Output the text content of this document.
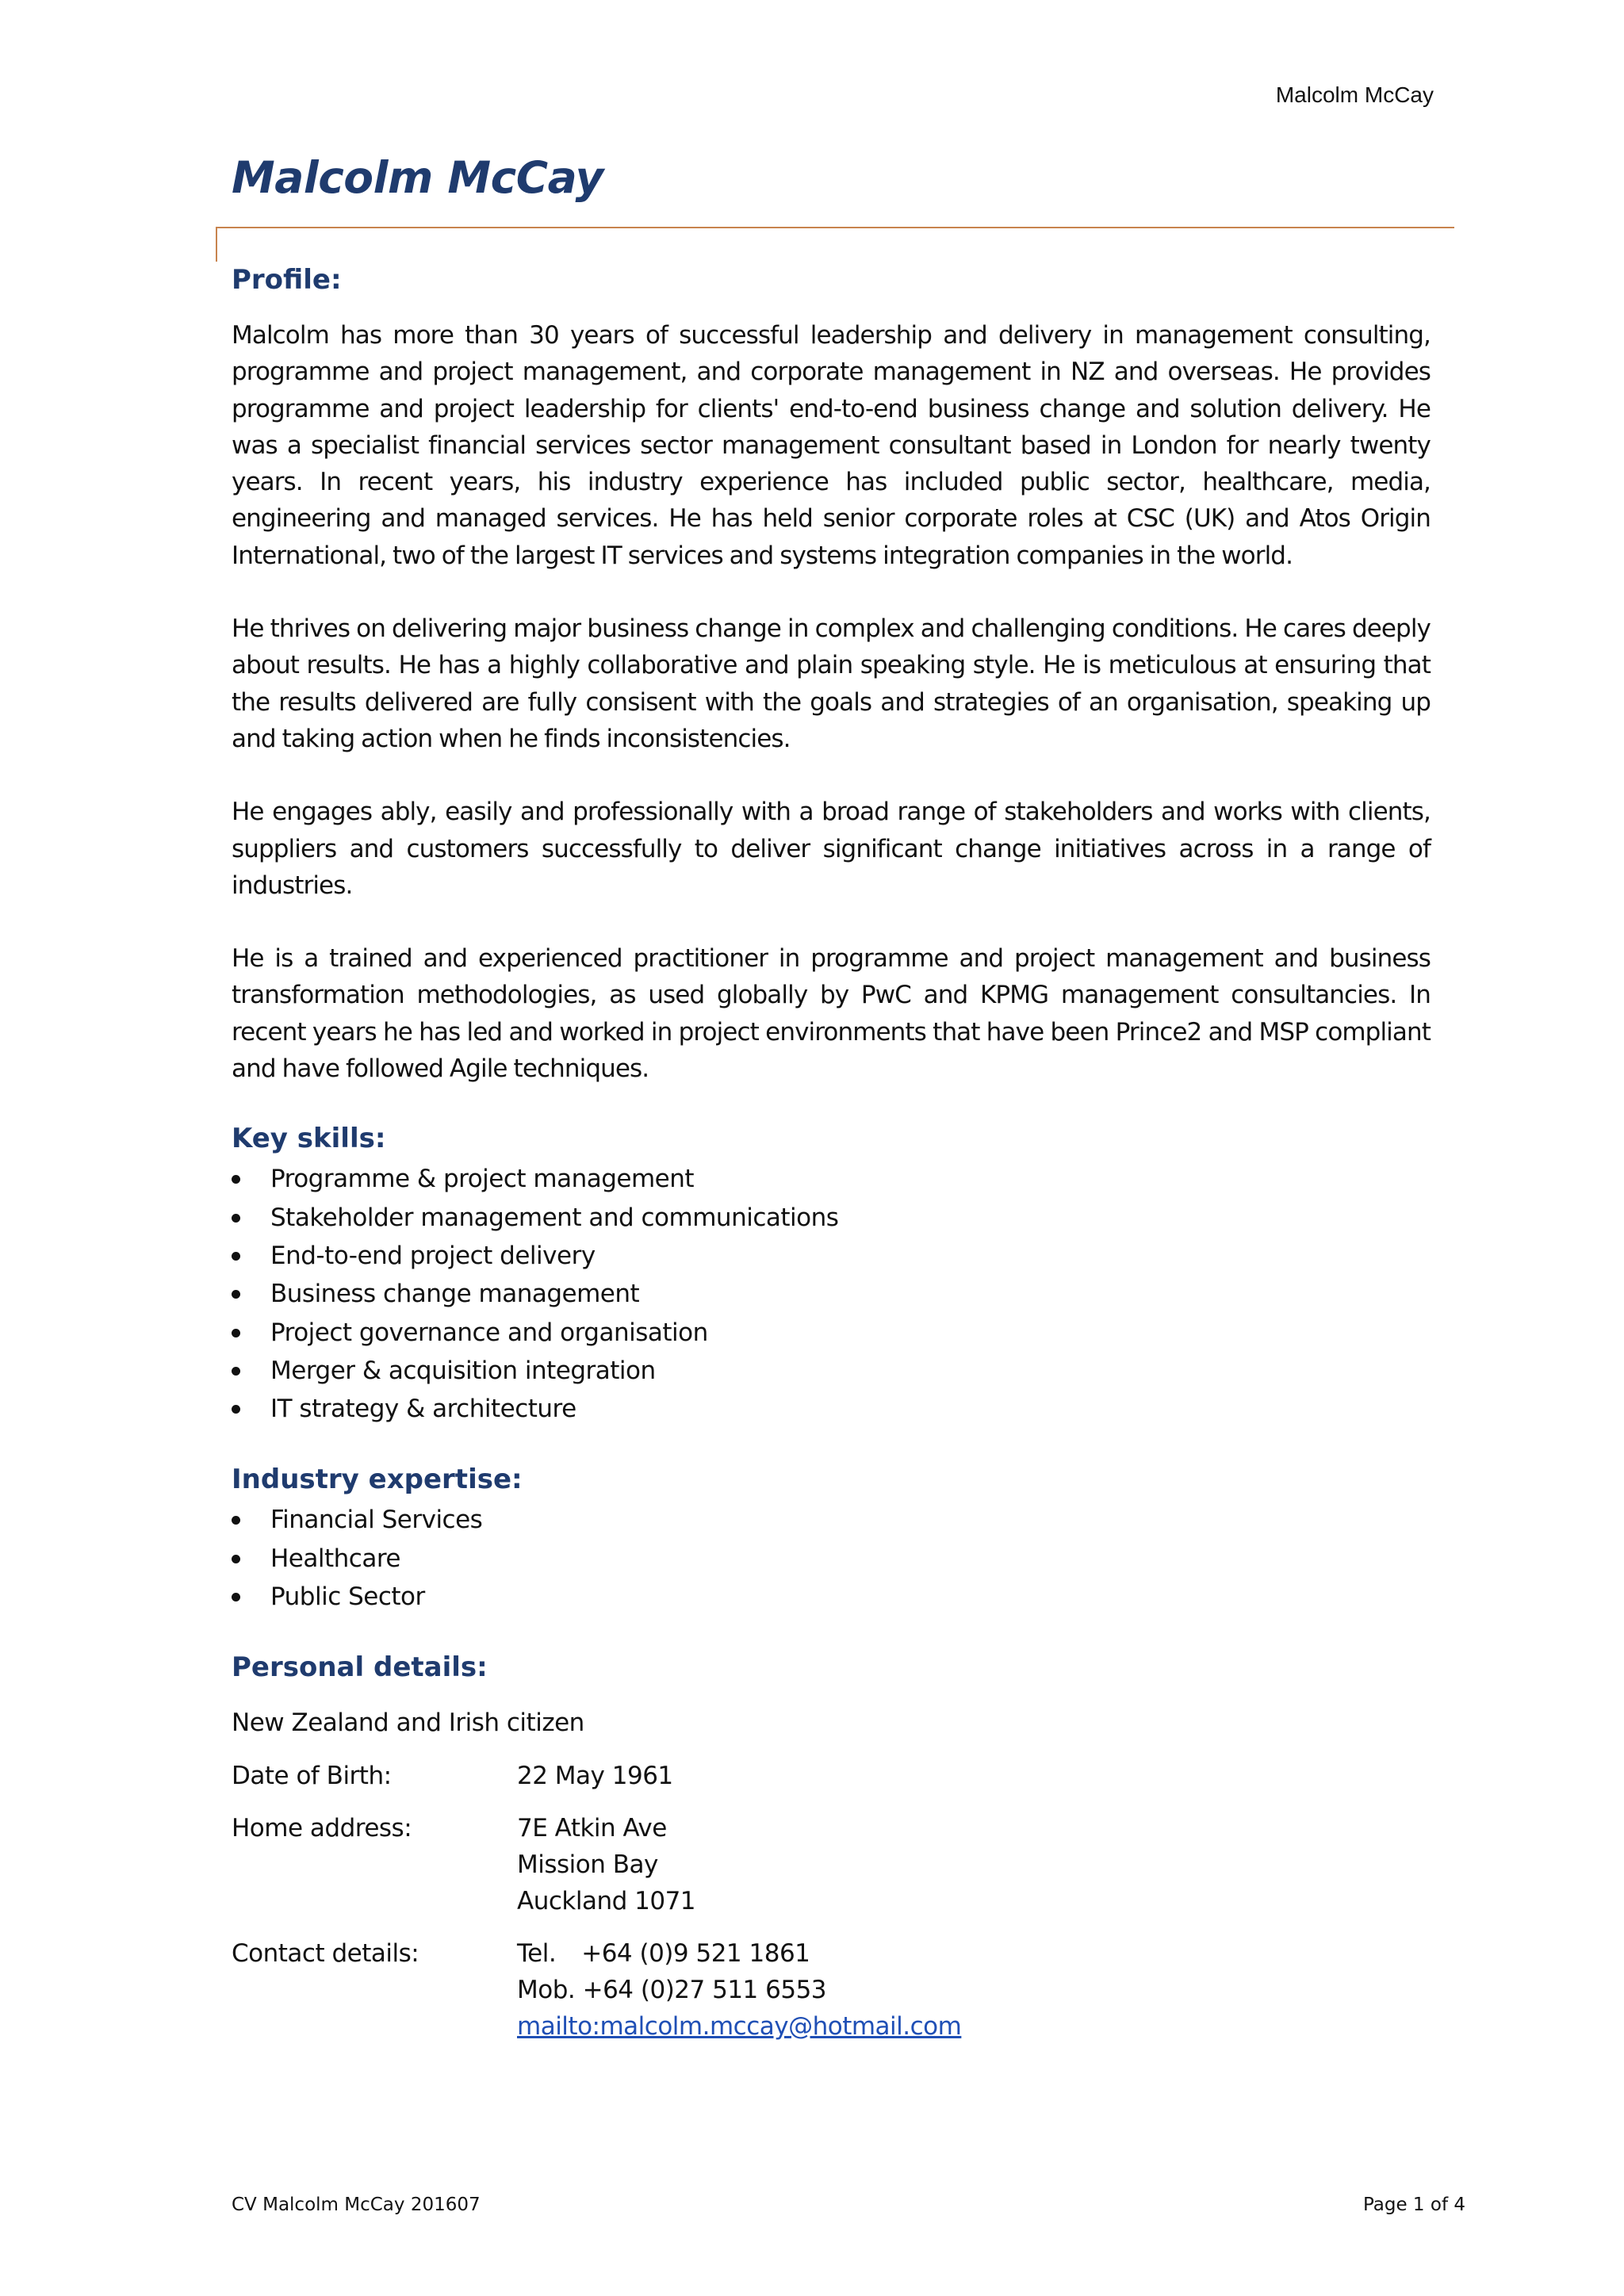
Malcolm McCay
Malcolm McCay
Profile:

Malcolm has more than 30 years of successful leadership and delivery in management consulting, programme and project management, and corporate management in NZ and overseas. He provides programme and project leadership for clients' end-to-end business change and solution delivery. He was a specialist financial services sector management consultant based in London for nearly twenty years. In recent years, his industry experience has included public sector, healthcare, media, engineering and managed services. He has held senior corporate roles at CSC (UK) and Atos Origin International, two of the largest IT services and systems integration companies in the world.

He thrives on delivering major business change in complex and challenging conditions. He cares deeply about results. He has a highly collaborative and plain speaking style. He is meticulous at ensuring that the results delivered are fully consisent with the goals and strategies of an organisation, speaking up and taking action when he finds inconsistencies.

He engages ably, easily and professionally with a broad range of stakeholders and works with clients, suppliers and customers successfully to deliver significant change initiatives across in a range of industries.

He is a trained and experienced practitioner in programme and project management and business transformation methodologies, as used globally by PwC and KPMG management consultancies. In recent years he has led and worked in project environments that have been Prince2 and MSP compliant and have followed Agile techniques.

Key skills:
Programme & project management
Stakeholder management and communications
End-to-end project delivery
Business change management
Project governance and organisation
Merger & acquisition integration
IT strategy & architecture
Industry expertise:
Financial Services
Healthcare
Public Sector
Personal details:
New Zealand and Irish citizen
Date of Birth:	22 May 1961
Home address:	7E Atkin Ave
Mission Bay
Auckland 1071
Contact details:	Tel. +64 (0)9 521 1861
Mob. +64 (0)27 511 6553
mailto:malcolm.mccay@hotmail.com
CV Malcolm McCay 201607	Page 1 of 4
